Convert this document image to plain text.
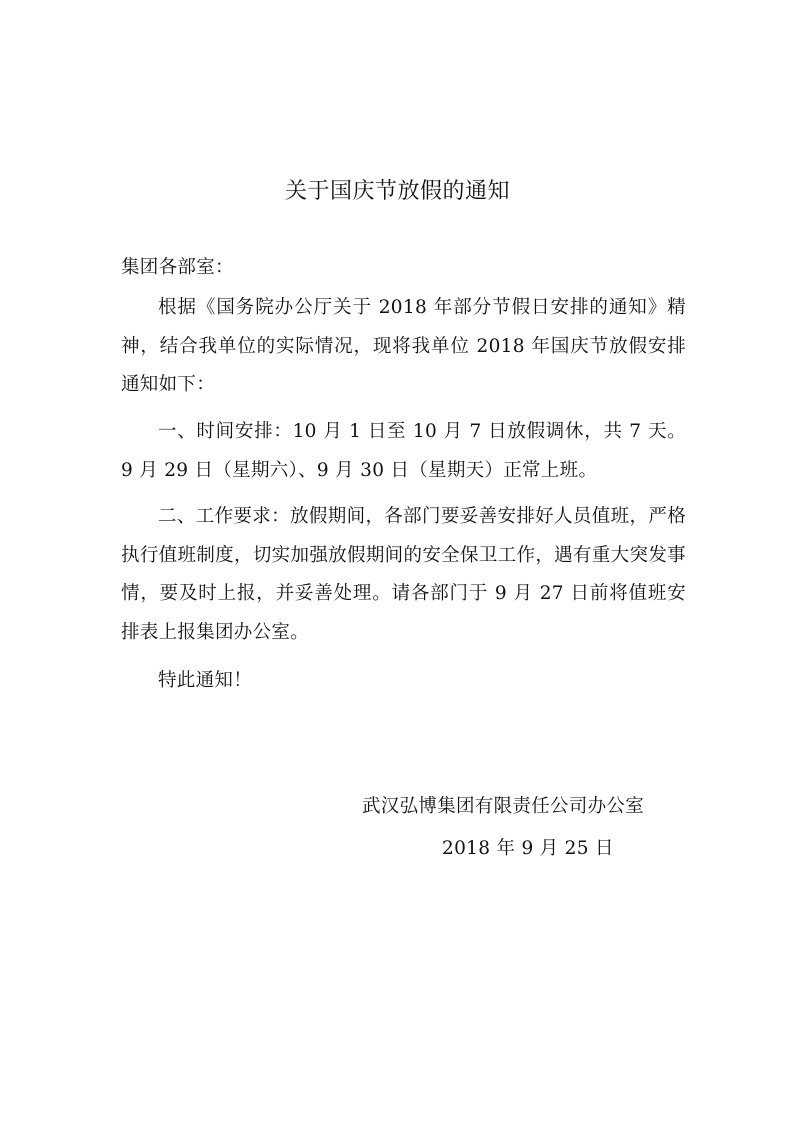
关于国庆节放假的通知
集团各部室：

根据《国务院办公厅关于 2018 年部分节假日安排的通知》精神，结合我单位的实际情况，现将我单位 2018 年国庆节放假安排通知如下：

一、时间安排：10 月 1 日至 10 月 7 日放假调休，共 7 天。9 月 29 日（星期六）、9 月 30 日（星期天）正常上班。

二、工作要求：放假期间，各部门要妥善安排好人员值班，严格执行值班制度，切实加强放假期间的安全保卫工作，遇有重大突发事情，要及时上报，并妥善处理。请各部门于 9 月 27 日前将值班安排表上报集团办公室。

特此通知！

武汉弘博集团有限责任公司办公室
2018 年 9 月 25 日
